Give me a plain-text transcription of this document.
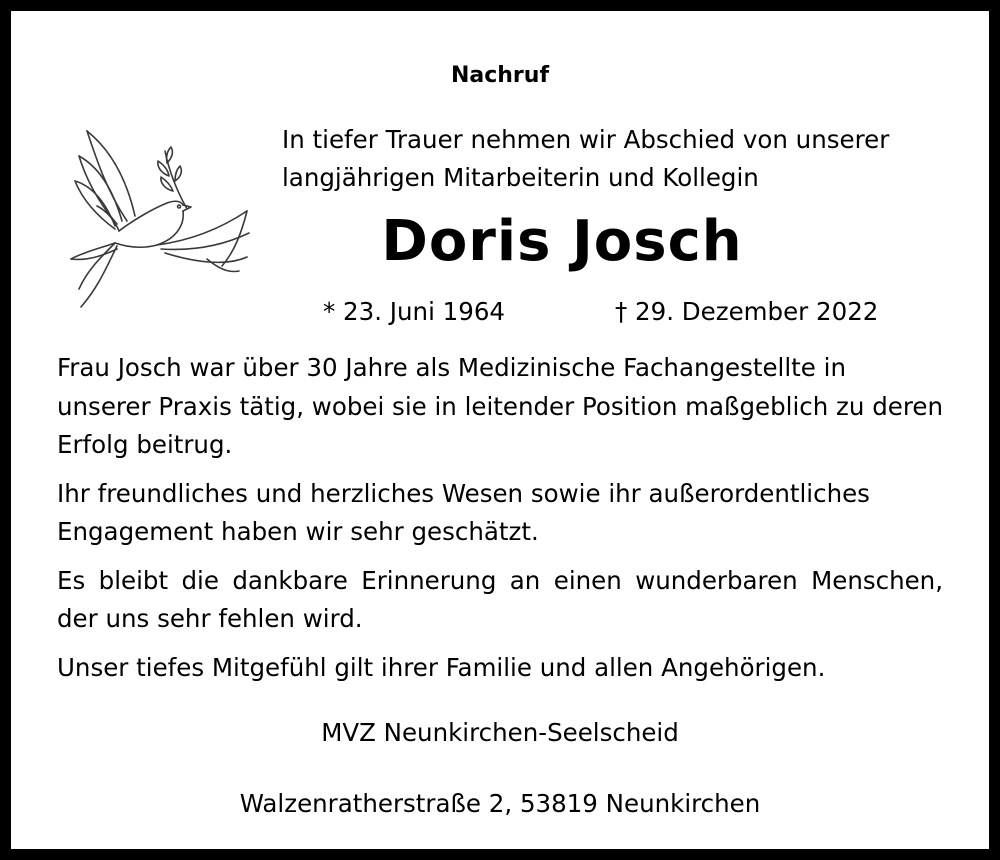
Nachruf
In tiefer Trauer nehmen wir Abschied von unserer
langjährigen Mitarbeiterin und Kollegin
Doris Josch
* 23. Juni 1964	† 29. Dezember 2022

Frau Josch war über 30 Jahre als Medizinische Fachangestellte in unserer Praxis tätig, wobei sie in leitender Position maßgeblich zu deren Erfolg beitrug.

Ihr freundliches und herzliches Wesen sowie ihr außerordentliches Engagement haben wir sehr geschätzt.

Es bleibt die dankbare Erinnerung an einen wunderbaren Menschen, der uns sehr fehlen wird.

Unser tiefes Mitgefühl gilt ihrer Familie und allen Angehörigen.

MVZ Neunkirchen-Seelscheid
Walzenratherstraße 2, 53819 Neunkirchen
